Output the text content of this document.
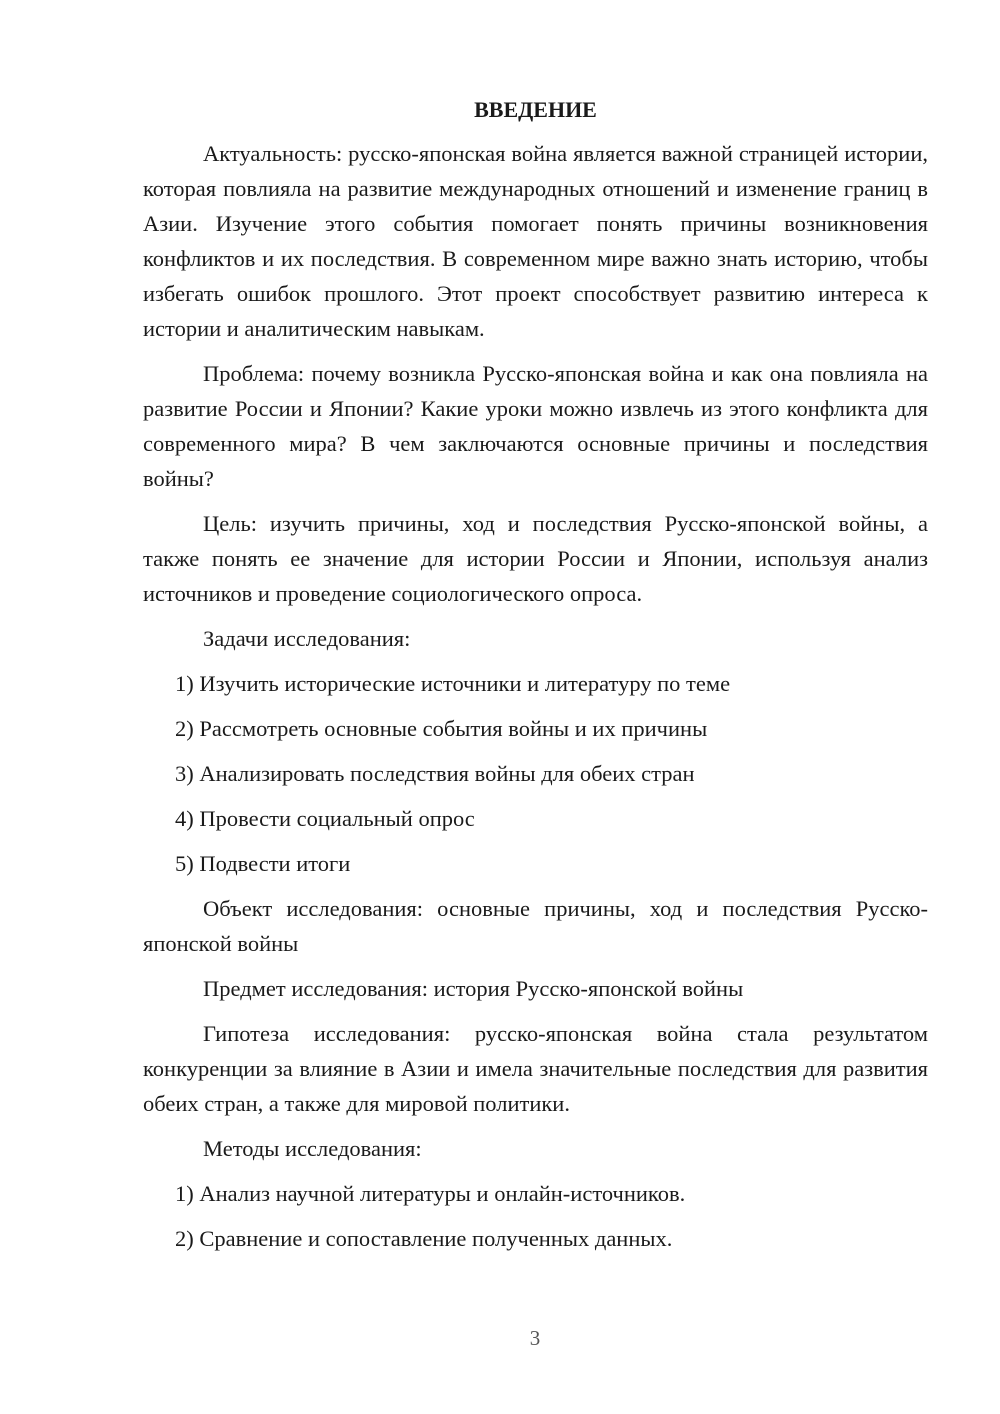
ВВЕДЕНИЕ

Актуальность: русско-японская война является важной страницей истории, которая повлияла на развитие международных отношений и изменение границ в Азии. Изучение этого события помогает понять причины возникновения конфликтов и их последствия. В современном мире важно знать историю, чтобы избегать ошибок прошлого. Этот проект способствует развитию интереса к истории и аналитическим навыкам.

Проблема: почему возникла Русско-японская война и как она повлияла на развитие России и Японии? Какие уроки можно извлечь из этого конфликта для современного мира? В чем заключаются основные причины и последствия войны?

Цель: изучить причины, ход и последствия Русско-японской войны, а также понять ее значение для истории России и Японии, используя анализ источников и проведение социологического опроса.

Задачи исследования:

1) Изучить исторические источники и литературу по теме

2) Рассмотреть основные события войны и их причины

3) Анализировать последствия войны для обеих стран

4) Провести социальный опрос

5) Подвести итоги

Объект исследования: основные причины, ход и последствия Русско-японской войны

Предмет исследования: история Русско-японской войны

Гипотеза исследования: русско-японская война стала результатом конкуренции за влияние в Азии и имела значительные последствия для развития обеих стран, а также для мировой политики.

Методы исследования:

1) Анализ научной литературы и онлайн-источников.

2) Сравнение и сопоставление полученных данных.

3
